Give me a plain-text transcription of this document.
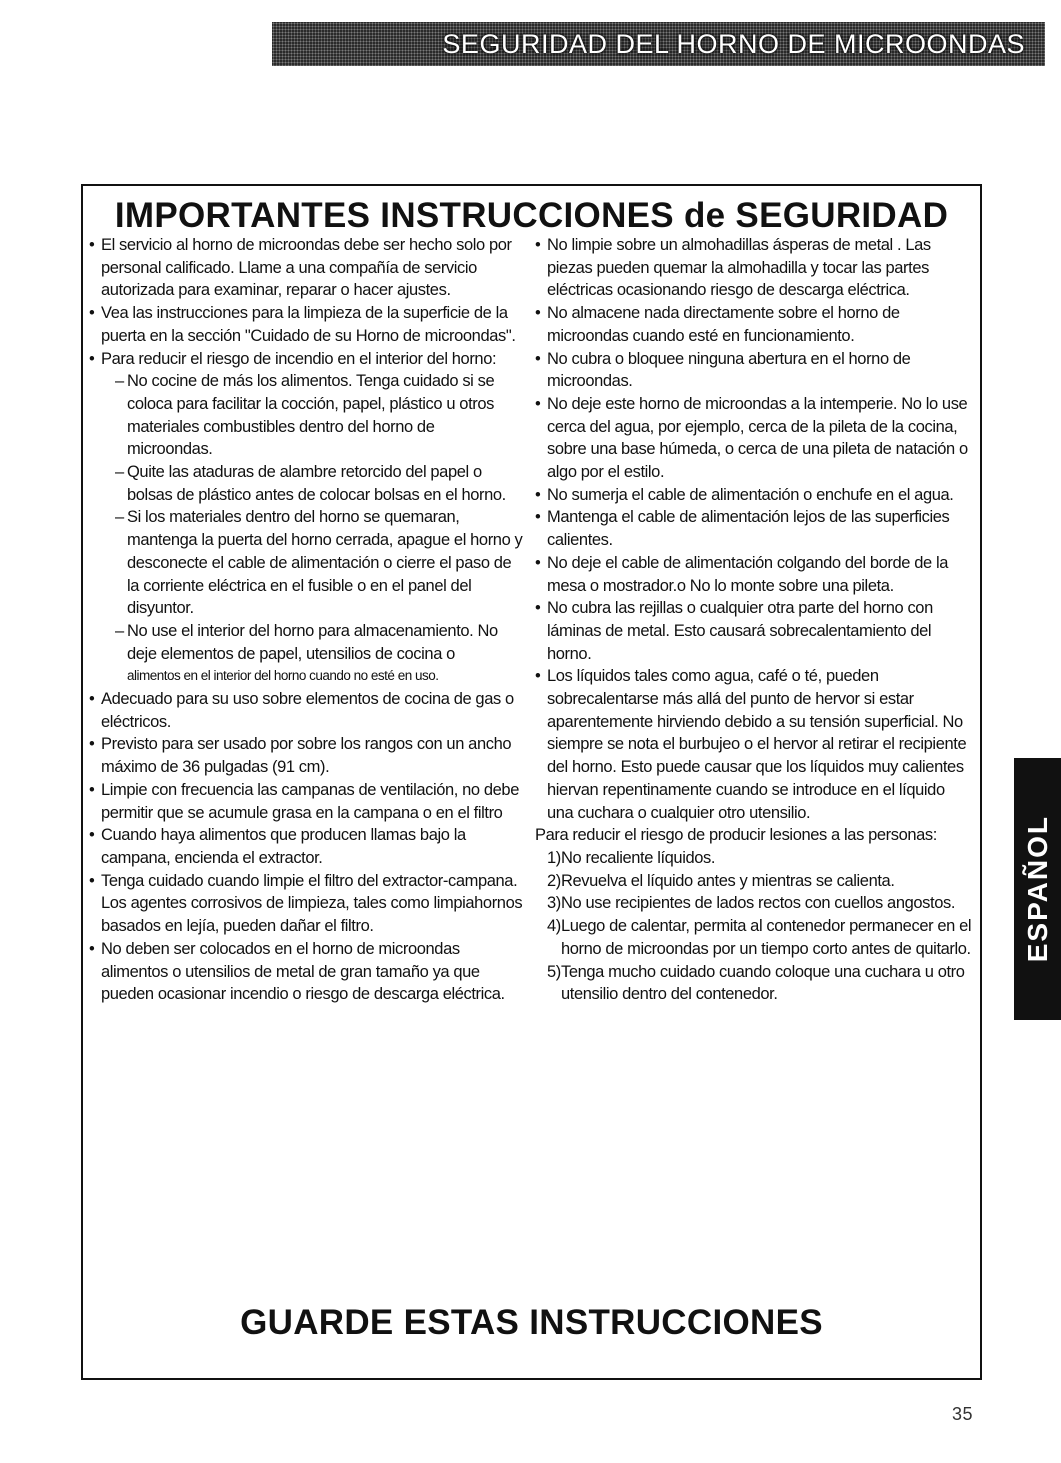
SEGURIDAD DEL HORNO DE MICROONDAS
IMPORTANTES INSTRUCCIONES de SEGURIDAD
• El servicio al horno de microondas debe ser hecho solo por personal calificado. Llame a una compañía de servicio autorizada para examinar, reparar o hacer ajustes.
• Vea las instrucciones para la limpieza de la superficie de la puerta en la sección "Cuidado de su Horno de microondas".
• Para reducir el riesgo de incendio en el interior del horno:
– No cocine de más los alimentos. Tenga cuidado si se coloca para facilitar la cocción, papel, plástico u otros materiales combustibles dentro del horno de microondas.
– Quite las ataduras de alambre retorcido del papel o bolsas de plástico antes de colocar bolsas en el horno.
– Si los materiales dentro del horno se quemaran, mantenga la puerta del horno cerrada, apague el horno y desconecte el cable de alimentación o cierre el paso de la corriente eléctrica en el fusible o en el panel del disyuntor.
– No use el interior del horno para almacenamiento. No deje elementos de papel, utensilios de cocina o
alimentos en el interior del horno cuando no esté en uso.
• Adecuado para su uso sobre elementos de cocina de gas o eléctricos.
• Previsto para ser usado por sobre los rangos con un ancho máximo de 36 pulgadas (91 cm).
• Limpie con frecuencia las campanas de ventilación, no debe permitir que se acumule grasa en la campana o en el filtro
• Cuando haya alimentos que producen llamas bajo la campana, encienda el extractor.
• Tenga cuidado cuando limpie el filtro del extractor-campana. Los agentes corrosivos de limpieza, tales como limpiahornos basados en lejía, pueden dañar el filtro.
• No deben ser colocados en el horno de microondas alimentos o utensilios de metal de gran tamaño ya que pueden ocasionar incendio o riesgo de descarga eléctrica.
• No limpie sobre un almohadillas ásperas de metal . Las piezas pueden quemar la almohadilla y tocar las partes eléctricas ocasionando riesgo de descarga eléctrica.
• No almacene nada directamente sobre el horno de microondas cuando esté en funcionamiento.
• No cubra o bloquee ninguna abertura en el horno de microondas.
• No deje este horno de microondas a la intemperie. No lo use cerca del agua, por ejemplo, cerca de la pileta de la cocina, sobre una base húmeda, o cerca de una pileta de natación o algo por el estilo.
• No sumerja el cable de alimentación o enchufe en el agua.
• Mantenga el cable de alimentación lejos de las superficies calientes.
• No deje el cable de alimentación colgando del borde de la mesa o mostrador.o No lo monte sobre una pileta.
• No cubra las rejillas o cualquier otra parte del horno con láminas de metal. Esto causará sobrecalentamiento del horno.
• Los líquidos tales como agua, café o té, pueden sobrecalentarse más allá del punto de hervor si estar aparentemente hirviendo debido a su tensión superficial. No siempre se nota el burbujeo o el hervor al retirar el recipiente del horno. Esto puede causar que los líquidos muy calientes hiervan repentinamente cuando se introduce en el líquido una cuchara o cualquier otro utensilio.
Para reducir el riesgo de producir lesiones a las personas:
1) No recaliente líquidos.
2) Revuelva el líquido antes y mientras se calienta.
3) No use recipientes de lados rectos con cuellos angostos.
4) Luego de calentar, permita al contenedor permanecer en el horno de microondas por un tiempo corto antes de quitarlo.
5) Tenga mucho cuidado cuando coloque una cuchara u otro utensilio dentro del contenedor.
GUARDE ESTAS INSTRUCCIONES
ESPAÑOL
35
